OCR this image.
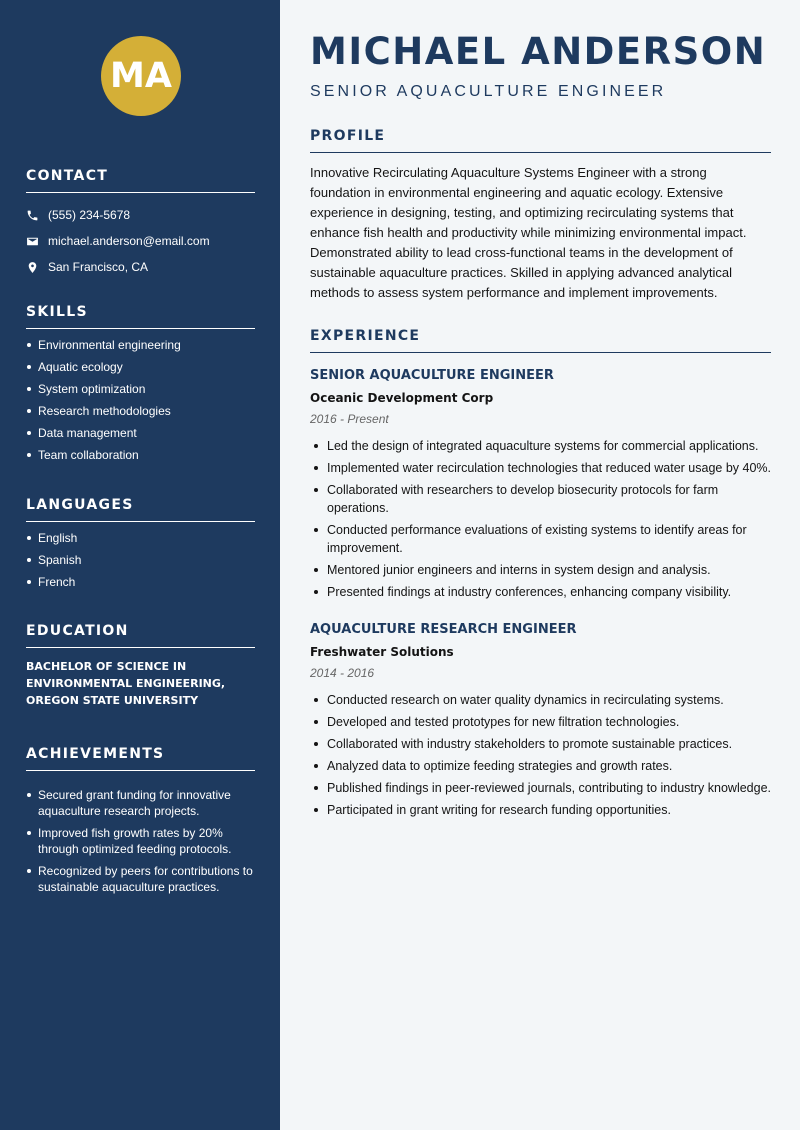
MA
CONTACT
(555) 234-5678
michael.anderson@email.com
San Francisco, CA
SKILLS
Environmental engineering
Aquatic ecology
System optimization
Research methodologies
Data management
Team collaboration
LANGUAGES
English
Spanish
French
EDUCATION
BACHELOR OF SCIENCE IN
ENVIRONMENTAL ENGINEERING,
OREGON STATE UNIVERSITY
ACHIEVEMENTS
Secured grant funding for innovative aquaculture research projects.
Improved fish growth rates by 20% through optimized feeding protocols.
Recognized by peers for contributions to sustainable aquaculture practices.
MICHAEL ANDERSON
SENIOR AQUACULTURE ENGINEER
PROFILE

Innovative Recirculating Aquaculture Systems Engineer with a strong foundation in environmental engineering and aquatic ecology. Extensive experience in designing, testing, and optimizing recirculating systems that enhance fish health and productivity while minimizing environmental impact. Demonstrated ability to lead cross-functional teams in the development of sustainable aquaculture practices. Skilled in applying advanced analytical methods to assess system performance and implement improvements.

EXPERIENCE
SENIOR AQUACULTURE ENGINEER
Oceanic Development Corp
2016 - Present
Led the design of integrated aquaculture systems for commercial applications.
Implemented water recirculation technologies that reduced water usage by 40%.
Collaborated with researchers to develop biosecurity protocols for farm operations.
Conducted performance evaluations of existing systems to identify areas for improvement.
Mentored junior engineers and interns in system design and analysis.
Presented findings at industry conferences, enhancing company visibility.
AQUACULTURE RESEARCH ENGINEER
Freshwater Solutions
2014 - 2016
Conducted research on water quality dynamics in recirculating systems.
Developed and tested prototypes for new filtration technologies.
Collaborated with industry stakeholders to promote sustainable practices.
Analyzed data to optimize feeding strategies and growth rates.
Published findings in peer-reviewed journals, contributing to industry knowledge.
Participated in grant writing for research funding opportunities.
